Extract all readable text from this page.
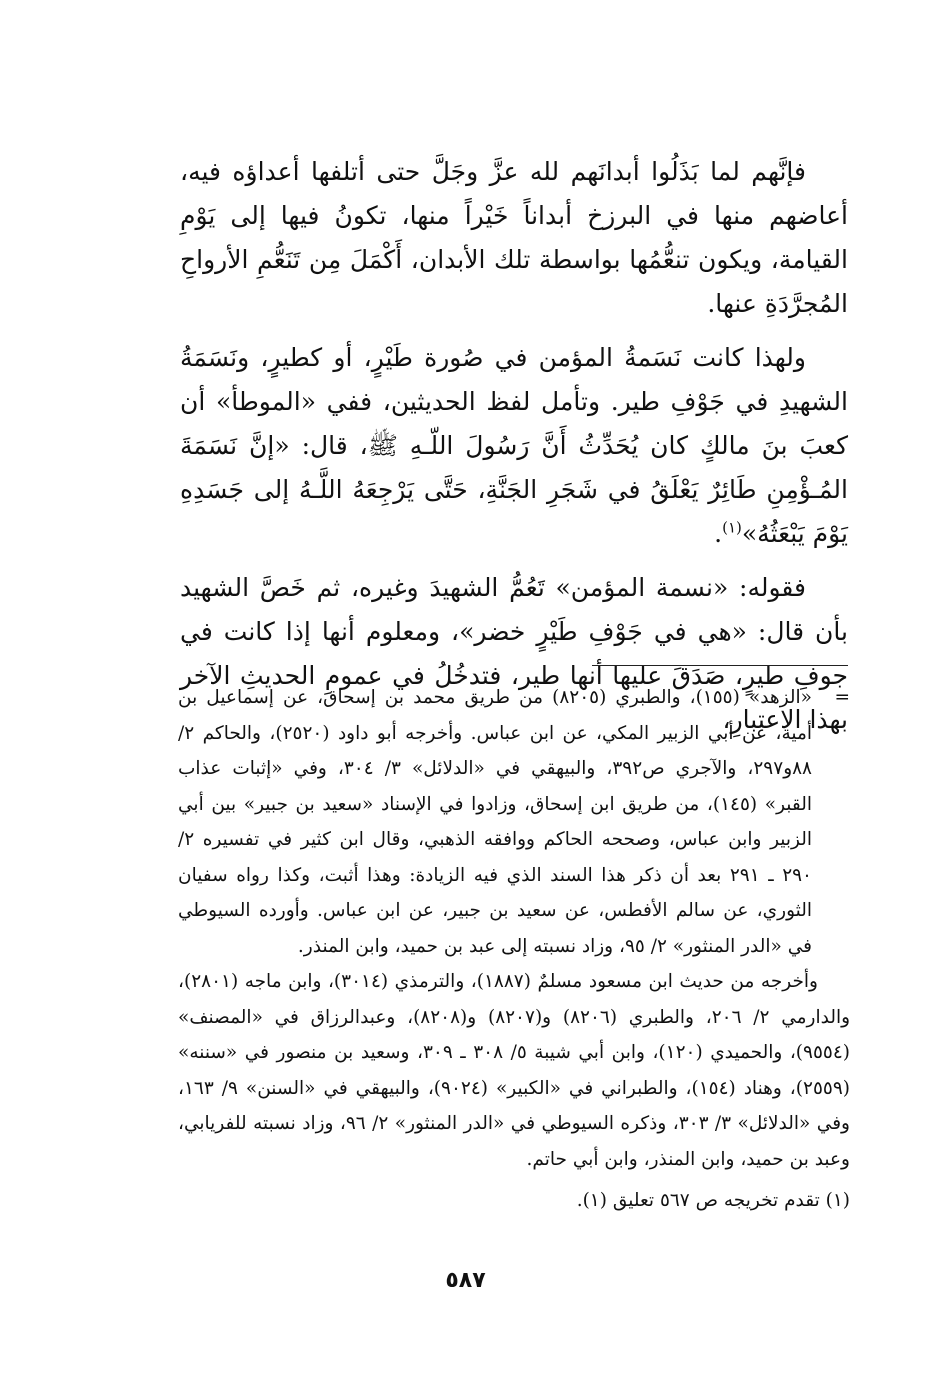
فإنَّهم لما بَذَلُوا أبدانَهم لله عزَّ وجَلَّ حتى أتلفها أعداؤه فيه، أعاضهم منها في البرزخ أبداناً خَيْراً منها، تكونُ فيها إلى يَوْمِ القيامة، ويكون تنعُّمُها بواسطة تلك الأبدان، أَكْمَلَ مِن تَنَعُّمِ الأرواحِ المُجرَّدَةِ عنها.

ولهذا كانت نَسَمةُ المؤمن في صُورة طَيْرٍ، أو كطيرٍ، ونَسَمَةُ الشهيدِ في جَوْفِ طير. وتأمل لفظ الحديثين، ففي «الموطأ» أن كعبَ بنَ مالكٍ كان يُحَدِّثُ أَنَّ رَسُولَ اللّـهِ ﷺ، قال: «إنَّ نَسَمَةَ المُـؤْمِنِ طَائِرٌ يَعْلَقُ في شَجَرِ الجَنَّةِ، حَتَّى يَرْجِعَهُ اللَّـهُ إلى جَسَدِهِ يَوْمَ يَبْعَثُهُ»$^{(١)}$.

فقوله: «نسمة المؤمن» تَعُمُّ الشهيدَ وغيره، ثم خَصَّ الشهيد بأن قال: «هي في جَوْفِ طَيْرٍ خضر»، ومعلوم أنها إذا كانت في جوفِ طيرٍ، صَدَقَ عليها أنها طير، فتدخُلُ في عمومِ الحديثِ الآخر بهذا الاعتبارِ،

=
«الزهد» (١٥٥)، والطبري (٨٢٠٥) من طريق محمد بن إسحاق، عن إسماعيل بن أمية، عن أبي الزبير المكي، عن ابن عباس. وأخرجه أبو داود (٢٥٢٠)، والحاكم ٢/ ٨٨و٢٩٧، والآجري ص٣٩٢، والبيهقي في «الدلائل» ٣/ ٣٠٤، وفي «إثبات عذاب القبر» (١٤٥)، من طريق ابن إسحاق، وزادوا في الإسناد «سعيد بن جبير» بين أبي الزبير وابن عباس، وصححه الحاكم ووافقه الذهبي، وقال ابن كثير في تفسيره ٢/ ٢٩٠ ـ ٢٩١ بعد أن ذكر هذا السند الذي فيه الزيادة: وهذا أثبت، وكذا رواه سفيان الثوري، عن سالم الأفطس، عن سعيد بن جبير، عن ابن عباس. وأورده السيوطي في «الدر المنثور» ٢/ ٩٥، وزاد نسبته إلى عبد بن حميد، وابن المنذر.

وأخرجه من حديث ابن مسعود مسلمٌ (١٨٨٧)، والترمذي (٣٠١٤)، وابن ماجه (٢٨٠١)، والدارمي ٢/ ٢٠٦، والطبري (٨٢٠٦) و(٨٢٠٧) و(٨٢٠٨)، وعبدالرزاق في «المصنف» (٩٥٥٤)، والحميدي (١٢٠)، وابن أبي شيبة ٥/ ٣٠٨ ـ ٣٠٩، وسعيد بن منصور في «سننه» (٢٥٥٩)، وهناد (١٥٤)، والطبراني في «الكبير» (٩٠٢٤)، والبيهقي في «السنن» ٩/ ١٦٣، وفي «الدلائل» ٣/ ٣٠٣، وذكره السيوطي في «الدر المنثور» ٢/ ٩٦، وزاد نسبته للفريابي، وعبد بن حميد، وابن المنذر، وابن أبي حاتم.

(١) تقدم تخريجه ص ٥٦٧ تعليق (١).

٥٨٧
